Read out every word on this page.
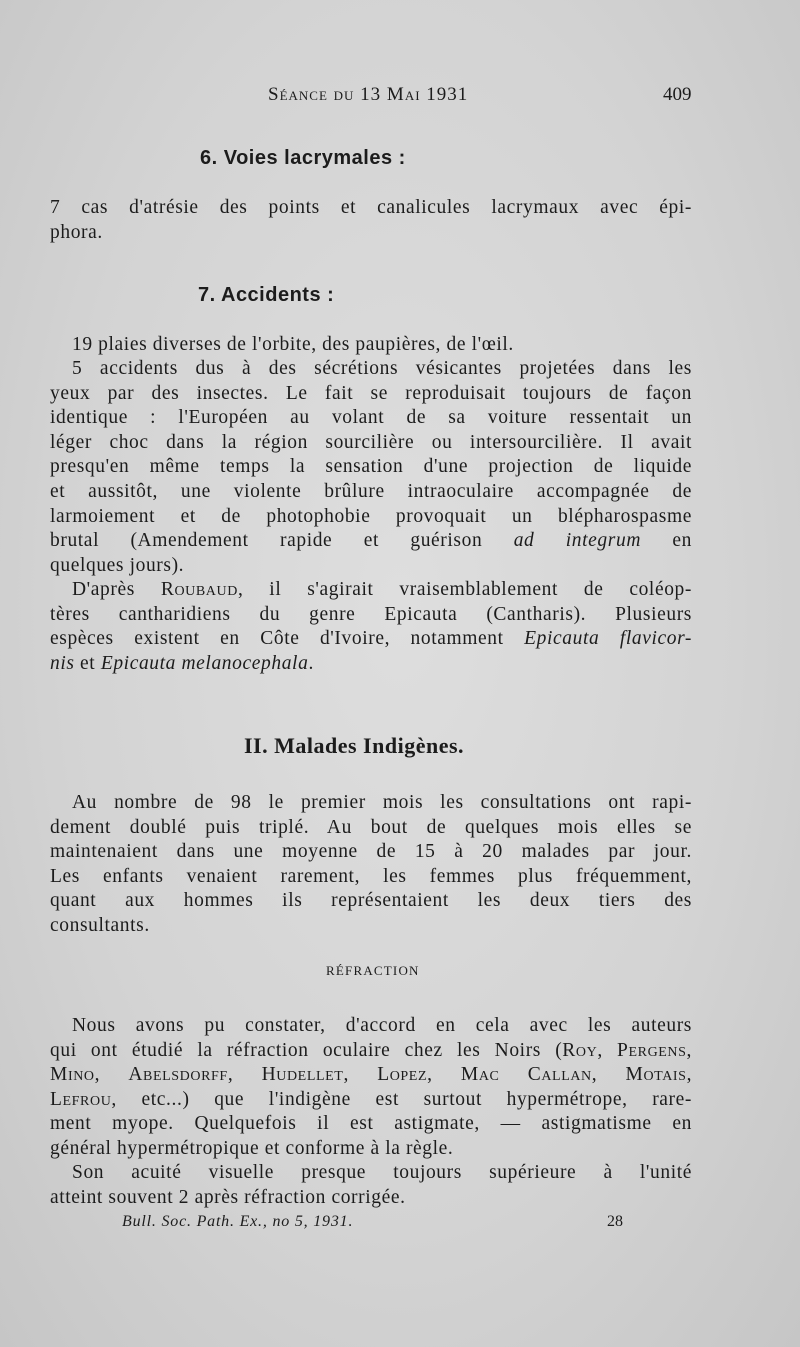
Séance du 13 Mai 1931	409
6. Voies lacrymales :
7 cas d'atrésie des points et canalicules lacrymaux avec épi-
phora.
7. Accidents :
19 plaies diverses de l'orbite, des paupières, de l'œil.
5 accidents dus à des sécrétions vésicantes projetées dans les
yeux par des insectes. Le fait se reproduisait toujours de façon
identique : l'Européen au volant de sa voiture ressentait un
léger choc dans la région sourcilière ou intersourcilière. Il avait
presqu'en même temps la sensation d'une projection de liquide
et aussitôt, une violente brûlure intraoculaire accompagnée de
larmoiement et de photophobie provoquait un blépharospasme
brutal (Amendement rapide et guérison ad integrum en
quelques jours).
D'après Roubaud, il s'agirait vraisemblablement de coléop-
tères cantharidiens du genre Epicauta (Cantharis). Plusieurs
espèces existent en Côte d'Ivoire, notamment Epicauta flavicor-
nis et Epicauta melanocephala.
II. Malades Indigènes.
Au nombre de 98 le premier mois les consultations ont rapi-
dement doublé puis triplé. Au bout de quelques mois elles se
maintenaient dans une moyenne de 15 à 20 malades par jour.
Les enfants venaient rarement, les femmes plus fréquemment,
quant aux hommes ils représentaient les deux tiers des
consultants.
RÉFRACTION
Nous avons pu constater, d'accord en cela avec les auteurs
qui ont étudié la réfraction oculaire chez les Noirs (Roy, Pergens,
Mino, Abelsdorff, Hudellet, Lopez, Mac Callan, Motais,
Lefrou, etc...) que l'indigène est surtout hypermétrope, rare-
ment myope. Quelquefois il est astigmate, — astigmatisme en
général hypermétropique et conforme à la règle.
Son acuité visuelle presque toujours supérieure à l'unité
atteint souvent 2 après réfraction corrigée.
Bull. Soc. Path. Ex., no 5, 1931.	28
